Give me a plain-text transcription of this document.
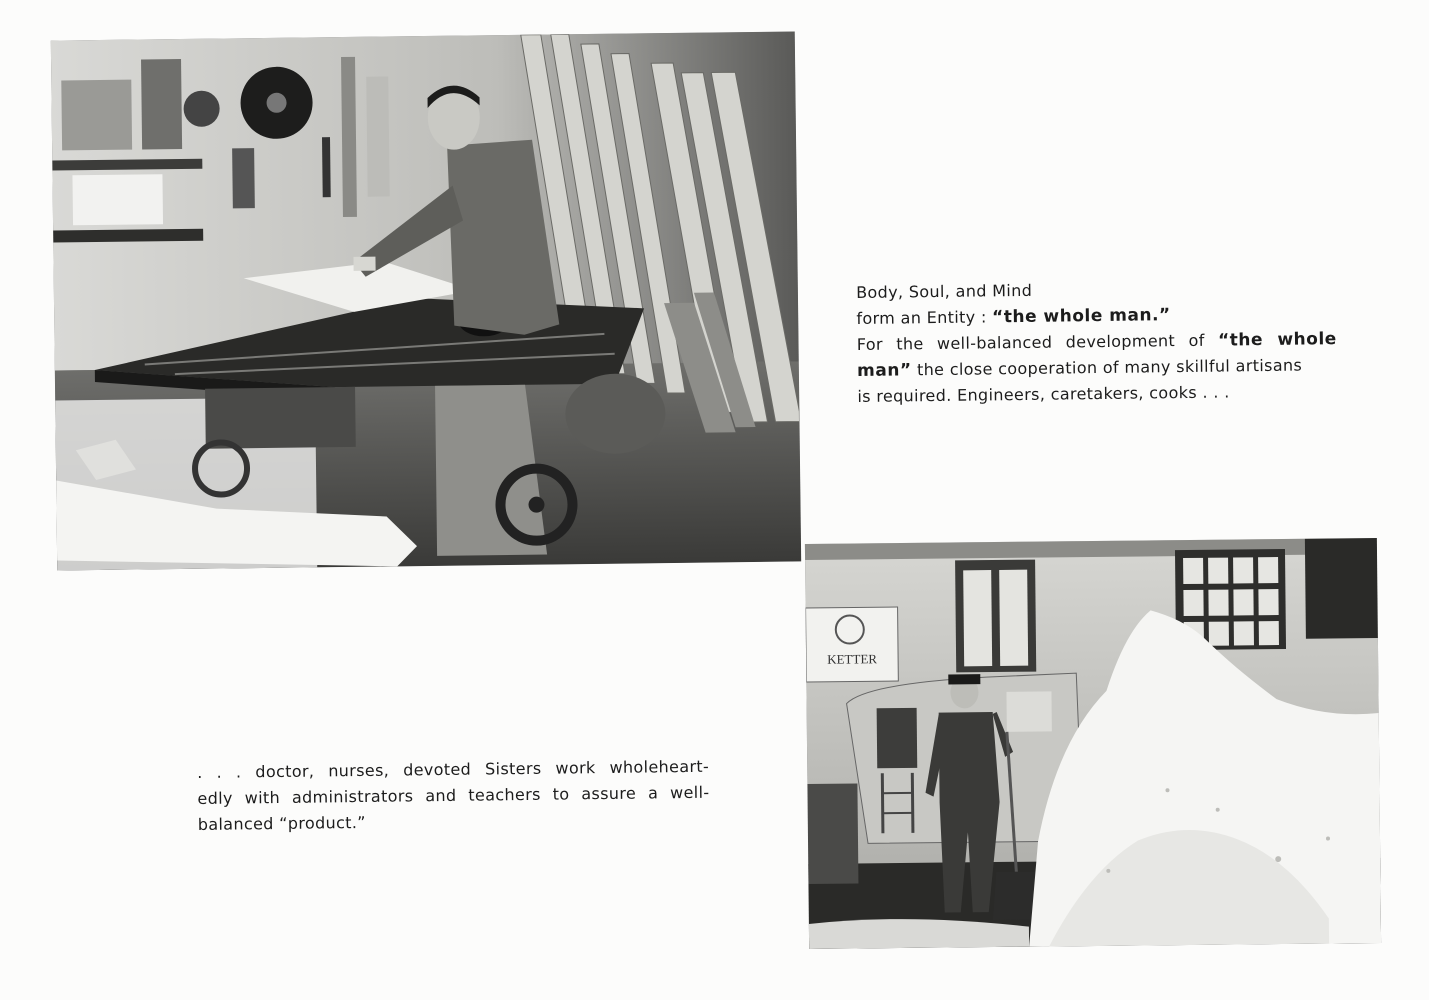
Body, Soul, and Mind

form an Entity : “the whole man.”

For the well-balanced development of “the whole

man” the close cooperation of many skillful artisans

is required. Engineers, caretakers, cooks . . .

. . . doctor, nurses, devoted Sisters work wholeheart-

edly with administrators and teachers to assure a well-

balanced “product.”

KETTER
